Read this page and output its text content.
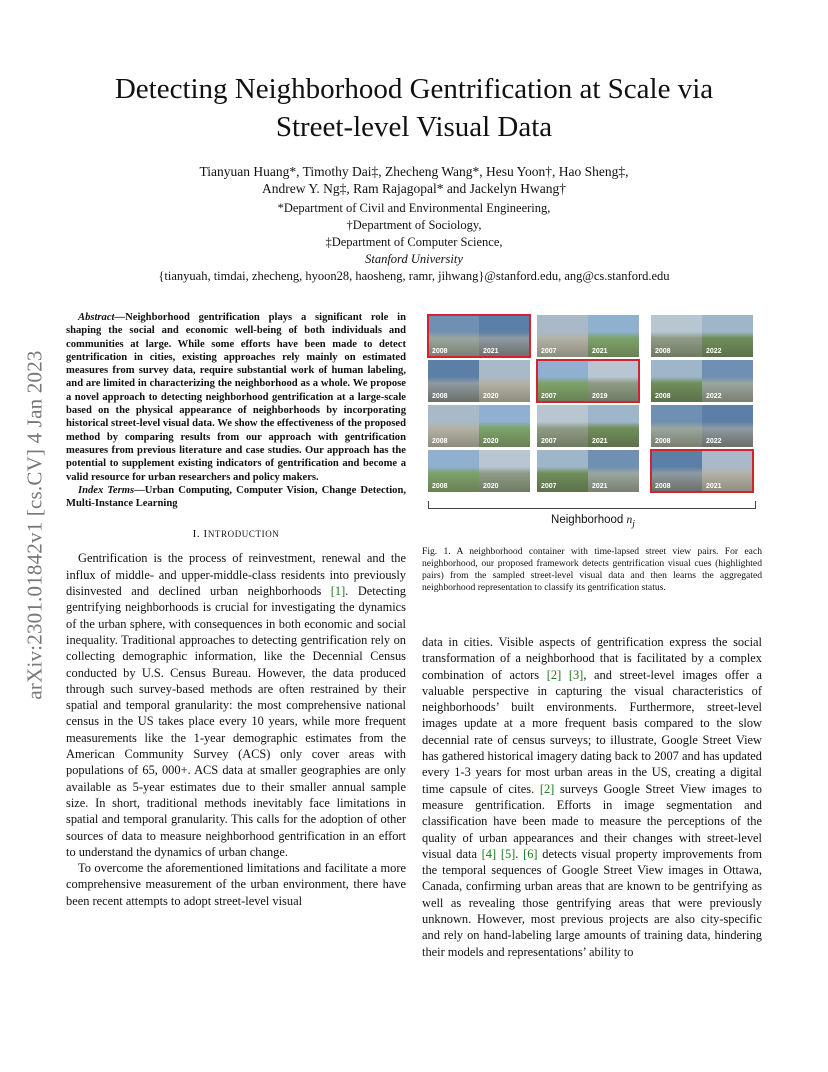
arXiv:2301.01842v1 [cs.CV] 4 Jan 2023
Detecting Neighborhood Gentrification at Scale via
Street-level Visual Data
Tianyuan Huang*, Timothy Dai‡, Zhecheng Wang*, Hesu Yoon†, Hao Sheng‡,
Andrew Y. Ng‡, Ram Rajagopal* and Jackelyn Hwang†
*Department of Civil and Environmental Engineering,
†Department of Sociology,
‡Department of Computer Science,
Stanford University
{tianyuah, timdai, zhecheng, hyoon28, haosheng, ramr, jihwang}@stanford.edu, ang@cs.stanford.edu

Abstract—Neighborhood gentrification plays a significant role in shaping the social and economic well-being of both individuals and communities at large. While some efforts have been made to detect gentrification in cities, existing approaches rely mainly on estimated measures from survey data, require substantial work of human labeling, and are limited in characterizing the neighborhood as a whole. We propose a novel approach to detecting neighborhood gentrification at a large-scale based on the physical appearance of neighborhoods by incorporating historical street-level visual data. We show the effectiveness of the proposed method by comparing results from our approach with gentrification measures from previous literature and case studies. Our approach has the potential to supplement existing indicators of gentrification and become a valid resource for urban researchers and policy makers.

Index Terms—Urban Computing, Computer Vision, Change Detection, Multi-Instance Learning

I. INTRODUCTION

Gentrification is the process of reinvestment, renewal and the influx of middle- and upper-middle-class residents into previously disinvested and declined urban neighborhoods [1]. Detecting gentrifying neighborhoods is crucial for investigating the dynamics of the urban sphere, with consequences in both economic and social inequality. Traditional approaches to detecting gentrification rely on collecting demographic information, like the Decennial Census conducted by U.S. Census Bureau. However, the data produced through such survey-based methods are often restrained by their spatial and temporal granularity: the most comprehensive national census in the US takes place every 10 years, while more frequent measurements like the 1-year demographic estimates from the American Community Survey (ACS) only cover areas with populations of 65, 000+. ACS data at smaller geographies are only available as 5-year estimates due to their smaller annual sample size. In short, traditional methods inevitably face limitations in spatial and temporal granularity. This calls for the adoption of other sources of data to measure neighborhood gentrification in an effort to understand the dynamics of urban change.

To overcome the aforementioned limitations and facilitate a more comprehensive measurement of the urban environment, there have been recent attempts to adopt street-level visual

2008	2021	2007	2021	2008	2022
2008	2020	2007	2019	2008	2022
2008	2020	2007	2021	2008	2022
2008	2020	2007	2021	2008	2021
Neighborhood $n_j$
Fig. 1. A neighborhood container with time-lapsed street view pairs. For each neighborhood, our proposed framework detects gentrification visual cues (highlighted pairs) from the sampled street-level visual data and then learns the aggregated neighborhood representation to classify its gentrification status.

data in cities. Visible aspects of gentrification express the social transformation of a neighborhood that is facilitated by a complex combination of actors [2] [3], and street-level images offer a valuable perspective in capturing the visual characteristics of neighborhoods’ built environments. Furthermore, street-level images update at a more frequent basis compared to the slow decennial rate of census surveys; to illustrate, Google Street View has gathered historical imagery dating back to 2007 and has updated every 1-3 years for most urban areas in the US, creating a digital time capsule of cites. [2] surveys Google Street View images to measure gentrification. Efforts in image segmentation and classification have been made to measure the perceptions of the quality of urban appearances and their changes with street-level visual data [4] [5]. [6] detects visual property improvements from the temporal sequences of Google Street View images in Ottawa, Canada, confirming urban areas that are known to be gentrifying as well as revealing those gentrifying areas that were previously unknown. However, most previous projects are also city-specific and rely on hand-labeling large amounts of training data, hindering their models and representations’ ability to
